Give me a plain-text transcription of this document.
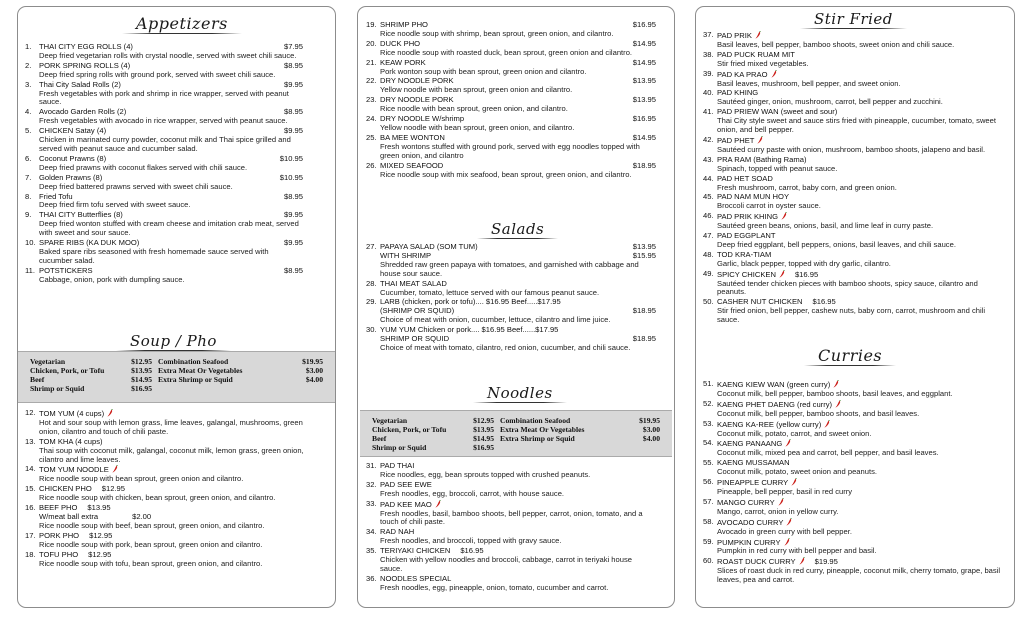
Appetizers
1.	THAI CITY EGG ROLLS (4)	$7.95
Deep fried vegetarian rolls with crystal noodle, served with sweet chili sauce.
2.	PORK SPRING ROLLS (4)	$8.95
Deep fried spring rolls with ground pork, served with sweet chili sauce.
3.	Thai City Salad Rolls (2)	$9.95
Fresh vegetables with pork and shrimp in rice wrapper, served with peanut sauce.
4.	Avocado Garden Rolls (2)	$8.95
Fresh vegetables with avocado in rice wrapper, served with peanut sauce.
5.	CHICKEN Satay (4)	$9.95
Chicken in marinated curry powder, coconut milk and Thai spice grilled and served with peanut sauce and cucumber salad.
6.	Coconut Prawns (8)	$10.95
Deep fried prawns with coconut flakes served with chili sauce.
7.	Golden Prawns (8)	$10.95
Deep fried battered prawns served with sweet chili sauce.
8.	Fried Tofu	$8.95
Deep fried firm tofu served with sweet sauce.
9.	THAI CITY Butterflies (8)	$9.95
Deep fried wonton stuffed with cream cheese and imitation crab meat, served with sweet and sour sauce.
10. SPARE RIBS (KA DUK MOO)	$9.95
Baked spare ribs seasoned with fresh homemade sauce served with cucumber salad.
11. POTSTICKERS	$8.95
Cabbage, onion, pork with dumpling sauce.
Soup / Pho
Vegetarian	$12.95 Combination Seafood	$19.95
Chicken, Pork, or Tofu	$13.95 Extra Meat Or Vegetables	$3.00
Beef	$14.95 Extra Shrimp or Squid	$4.00
Shrimp or Squid	$16.95
12. TOM YUM (4 cups)
Hot and sour soup with lemon grass, lime leaves, galangal, mushrooms, green onion, cilantro and touch of chili paste.
13. TOM KHA (4 cups)
Thai soup with coconut milk, galangal, coconut milk, lemon grass, green onion, cilantro and lime leaves.
14. TOM YUM NOODLE
Rice noodle soup with bean sprout, green onion and cilantro.
15. CHICKEN PHO $12.95
Rice noodle soup with chicken, bean sprout, green onion, and cilantro.
16. BEEF PHO $13.95
W/meat ball extra	$2.00
Rice noodle soup with beef, bean sprout, green onion, and cilantro.
17. PORK PHO $12.95
Rice noodle soup with pork, bean sprout, green onion and cilantro.
18. TOFU PHO $12.95
Rice noodle soup with tofu, bean sprout, green onion, and cilantro.
19. SHRIMP PHO	$16.95
Rice noodle soup with shrimp, bean sprout, green onion, and cilantro.
20. DUCK PHO	$14.95
Rice noodle soup with roasted duck, bean sprout, green onion and cilantro.
21. KEAW PORK	$14.95
Pork wonton soup with bean sprout, green onion and cilantro.
22. DRY NOODLE PORK	$13.95
Yellow noodle with bean sprout, green onion and cilantro.
23. DRY NOODLE PORK	$13.95
Rice noodle with bean sprout, green onion, and cilantro.
24. DRY NOODLE W/shrimp	$16.95
Yellow noodle with bean sprout, green onion, and cilantro.
25. BA MEE WONTON	$14.95
Fresh wontons stuffed with ground pork, served with egg noodles topped with green onion, and cilantro
26. MIXED SEAFOOD	$18.95
Rice noodle soup with mix seafood, bean sprout, green onion, and cilantro.
Salads
27. PAPAYA SALAD (SOM TUM)	$13.95
WITH SHRIMP	$15.95
Shredded raw green papaya with tomatoes, and garnished with cabbage and house sour sauce.
28. THAI MEAT SALAD
Cucumber, tomato, lettuce served with our famous peanut sauce.
29. LARB (chicken, pork or tofu).... $16.95 Beef.....$17.95
(SHRIMP OR SQUID)	$18.95
Choice of meat with onion, cucumber, lettuce, cilantro and lime juice.
30. YUM YUM Chicken or pork.... $16.95 Beef......$17.95
SHRIMP OR SQUID	$18.95
Choice of meat with tomato, cilantro, red onion, cucumber, and chili sauce.
Noodles
Vegetarian	$12.95 Combination Seafood	$19.95
Chicken, Pork, or Tofu	$13.95 Extra Meat Or Vegetables	$3.00
Beef	$14.95 Extra Shrimp or Squid	$4.00
Shrimp or Squid	$16.95
31. PAD THAI
Rice noodles, egg, bean sprouts topped with crushed peanuts.
32. PAD SEE EWE
Fresh noodles, egg, broccoli, carrot, with house sauce.
33. PAD KEE MAO
Fresh noodles, basil, bamboo shoots, bell pepper, carrot, onion, tomato, and a touch of chili paste.
34. RAD NAH
Fresh noodles, and broccoli, topped with gravy sauce.
35. TERIYAKI CHICKEN $16.95
Chicken with yellow noodles and broccoli, cabbage, carrot in teriyaki house sauce.
36. NOODLES SPECIAL
Fresh noodles, egg, pineapple, onion, tomato, cucumber and carrot.
Stir Fried
37. PAD PRIK
Basil leaves, bell pepper, bamboo shoots, sweet onion and chili sauce.
38. PAD PUCK RUAM MIT
Stir fried mixed vegetables.
39. PAD KA PRAO
Basil leaves, mushroom, bell pepper, and sweet onion.
40. PAD KHING
Sautéed ginger, onion, mushroom, carrot, bell pepper and zucchini.
41. PAD PRIEW WAN (sweet and sour)
Thai City style sweet and sauce stirs fried with pineapple, cucumber, tomato, sweet onion, and bell pepper.
42. PAD PHET
Sautéed curry paste with onion, mushroom, bamboo shoots, jalapeno and basil.
43. PRA RAM (Bathing Rama)
Spinach, topped with peanut sauce.
44. PAD HET SOAD
Fresh mushroom, carrot, baby corn, and green onion.
45. PAD NAM MUN HOY
Broccoli carrot in oyster sauce.
46. PAD PRIK KHING
Sautéed green beans, onions, basil, and lime leaf in curry paste.
47. PAD EGGPLANT
Deep fried eggplant, bell peppers, onions, basil leaves, and chili sauce.
48. TOD KRA-TIAM
Garlic, black pepper, topped with dry garlic, cilantro.
49. SPICY CHICKEN	$16.95
Sautéed tender chicken pieces with bamboo shoots, spicy sauce, cilantro and peanuts.
50. CASHER NUT CHICKEN $16.95
Stir fried onion, bell pepper, cashew nuts, baby corn, carrot, mushroom and chili sauce.
Curries
51. KAENG KIEW WAN (green curry)
Coconut milk, bell pepper, bamboo shoots, basil leaves, and eggplant.
52. KAENG PHET DAENG (red curry)
Coconut milk, bell pepper, bamboo shoots, and basil leaves.
53. KAENG KA-REE (yellow curry)
Coconut milk, potato, carrot, and sweet onion.
54. KAENG PANAANG
Coconut milk, mixed pea and carrot, bell pepper, and basil leaves.
55. KAENG MUSSAMAN
Coconut milk, potato, sweet onion and peanuts.
56. PINEAPPLE CURRY
Pineapple, bell pepper, basil in red curry
57. MANGO CURRY
Mango, carrot, onion in yellow curry.
58. AVOCADO CURRY
Avocado in green curry with bell pepper.
59. PUMPKIN CURRY
Pumpkin in red curry with bell pepper and basil.
60. ROAST DUCK CURRY	$19.95
Slices of roast duck in red curry, pineapple, coconut milk, cherry tomato, grape, basil leaves, pea and carrot.
